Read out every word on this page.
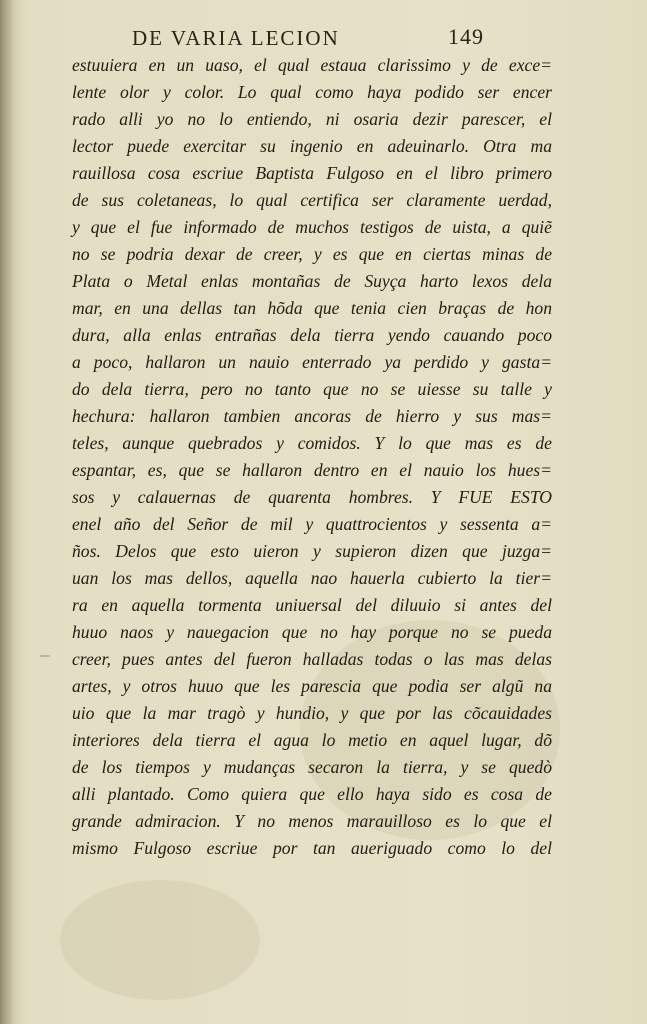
DE VARIA LECION	149
estuuiera en un uaso, el qual estaua clarissimo y de exce=
lente olor y color. Lo qual como haya podido ser encer
rado alli yo no lo entiendo, ni osaria dezir parescer, el
lector puede exercitar su ingenio en adeuinarlo. Otra ma
rauillosa cosa escriue Baptista Fulgoso en el libro primero
de sus coletaneas, lo qual certifica ser claramente uerdad,
y que el fue informado de muchos testigos de uista, a quiẽ
no se podria dexar de creer, y es que en ciertas minas de
Plata o Metal enlas montañas de Suyça harto lexos dela
mar, en una dellas tan hõda que tenia cien braças de hon
dura, alla enlas entrañas dela tierra yendo cauando poco
a poco, hallaron un nauio enterrado ya perdido y gasta=
do dela tierra, pero no tanto que no se uiesse su talle y
hechura: hallaron tambien ancoras de hierro y sus mas=
teles, aunque quebrados y comidos. Y lo que mas es de
espantar, es, que se hallaron dentro en el nauio los hues=
sos y calauernas de quarenta hombres. Y FUE ESTO
enel año del Señor de mil y quattrocientos y sessenta a=
ños. Delos que esto uieron y supieron dizen que juzga=
uan los mas dellos, aquella nao hauerla cubierto la tier=
ra en aquella tormenta uniuersal del diluuio si antes del
huuo naos y nauegacion que no hay porque no se pueda
creer, pues antes del fueron halladas todas o las mas delas
artes, y otros huuo que les parescia que podia ser algũ na
uio que la mar tragò y hundio, y que por las cõcauidades
interiores dela tierra el agua lo metio en aquel lugar, dõ
de los tiempos y mudanças secaron la tierra, y se quedò
alli plantado. Como quiera que ello haya sido es cosa de
grande admiracion. Y no menos marauilloso es lo que el
mismo Fulgoso escriue por tan aueriguado como lo del
